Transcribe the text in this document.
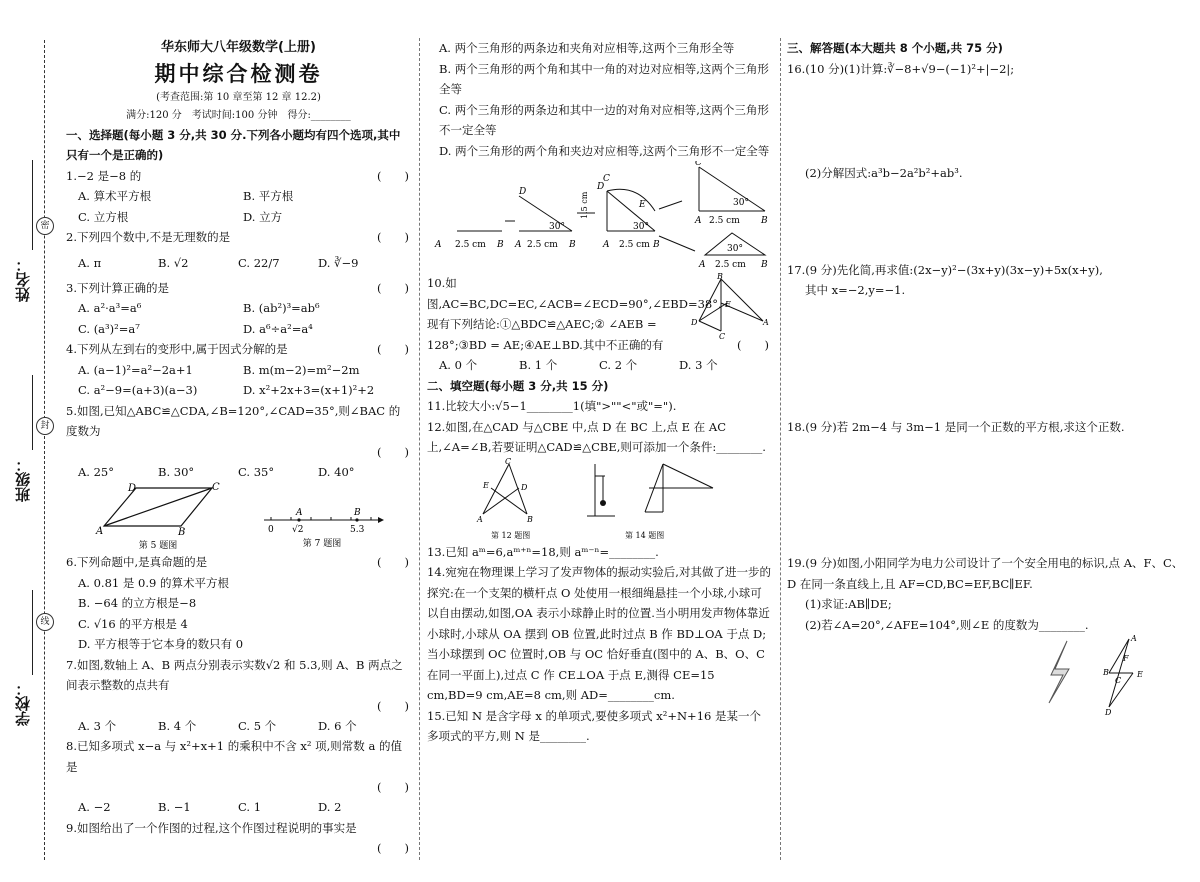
密
封
线
姓名：
班级：
学校：
华东师大八年级数学(上册)
期中综合检测卷
(考查范围:第 10 章至第 12 章 12.2)
满分:120 分　考试时间:100 分钟　得分:________
一、选择题(每小题 3 分,共 30 分.下列各小题均有四个选项,其中只有一个是正确的)
1.−2 是−8 的	(　　)
A. 算术平方根	B. 平方根
C. 立方根	D. 立方
2.下列四个数中,不是无理数的是	(　　)
A. π	B. √2	C. 22/7	D. ∛−9
3.下列计算正确的是	(　　)
A. a²·a³=a⁶	B. (ab²)³=ab⁶
C. (a³)²=a⁷	D. a⁶÷a²=a⁴
4.下列从左到右的变形中,属于因式分解的是	(　　)
A. (a−1)²=a²−2a+1	B. m(m−2)=m²−2m
C. a²−9=(a+3)(a−3)	D. x²+2x+3=(x+1)²+2
5.如图,已知△ABC≌△CDA,∠B=120°,∠CAD=35°,则∠BAC 的度数为
(　　)
A. 25°	B. 30°	C. 35°	D. 40°
D	C
A	B
第 5 题图
A	B
0 √2	5.3
第 7 题图
6.下列命题中,是真命题的是	(　　)
A. 0.81 是 0.9 的算术平方根
B. −64 的立方根是−8
C. √16 的平方根是 4
D. 平方根等于它本身的数只有 0
7.如图,数轴上 A、B 两点分别表示实数√2 和 5.3,则 A、B 两点之间表示整数的点共有
(　　)
A. 3 个	B. 4 个	C. 5 个	D. 6 个
8.已知多项式 x−a 与 x²+x+1 的乘积中不含 x² 项,则常数 a 的值是
(　　)
A. −2	B. −1	C. 1	D. 2
9.如图给出了一个作图的过程,这个作图过程说明的事实是
(　　)
A. 两个三角形的两条边和夹角对应相等,这两个三角形全等
B. 两个三角形的两个角和其中一角的对边对应相等,这两个三角形全等
C. 两个三角形的两条边和其中一边的对角对应相等,这两个三角形不一定全等
D. 两个三角形的两个角和夹边对应相等,这两个三角形不一定全等
A 2.5 cm B A 2.5 cm B
D
30°
A 2.5 cm B
D
C
E
30°
1.5 cm
C
A	B
2.5 cm
30°
30°
2.5 cm
A	B
10.如图,AC=BC,DC=EC,∠ACB=∠ECD=90°,∠EBD=38°.现有下列结论:①△BDC≌△AEC;② ∠AEB = 128°;③BD = AE;④AE⊥BD.其中不正确的有
B
D
C
A
E
(　　)
A. 0 个	B. 1 个	C. 2 个	D. 3 个
二、填空题(每小题 3 分,共 15 分)
11.比较大小:√5−1________1(填">""<"或"=").
12.如图,在△CAD 与△CBE 中,点 D 在 BC 上,点 E 在 AC 上,∠A=∠B,若要证明△CAD≌△CBE,则可添加一个条件:________.
C
A	B
E	D
第 12 题图	第 14 题图
13.已知 aᵐ=6,aᵐ⁺ⁿ=18,则 aᵐ⁻ⁿ=________.
14.宛宛在物理课上学习了发声物体的振动实验后,对其做了进一步的探究:在一个支架的横杆点 O 处使用一根细绳悬挂一个小球,小球可以自由摆动,如图,OA 表示小球静止时的位置.当小明用发声物体靠近小球时,小球从 OA 摆到 OB 位置,此时过点 B 作 BD⊥OA 于点 D;当小球摆到 OC 位置时,OB 与 OC 恰好垂直(图中的 A、B、O、C 在同一平面上),过点 C 作 CE⊥OA 于点 E,测得 CE=15 cm,BD=9 cm,AE=8 cm,则 AD=________cm.
15.已知 N 是含字母 x 的单项式,要使多项式 x²+N+16 是某一个多项式的平方,则 N 是________.
三、解答题(本大题共 8 个小题,共 75 分)
16.(10 分)(1)计算:∛−8+√9−(−1)²+|−2|;
(2)分解因式:a³b−2a²b²+ab³.
17.(9 分)先化简,再求值:(2x−y)²−(3x+y)(3x−y)+5x(x+y),
其中 x=−2,y=−1.
18.(9 分)若 2m−4 与 3m−1 是同一个正数的平方根,求这个正数.
19.(9 分)如图,小阳同学为电力公司设计了一个安全用电的标识,点 A、F、C、D 在同一条直线上,且 AF=CD,BC=EF,BC∥EF.
(1)求证:AB∥DE;
(2)若∠A=20°,∠AFE=104°,则∠E 的度数为________.
A
F
B
C
E
D
